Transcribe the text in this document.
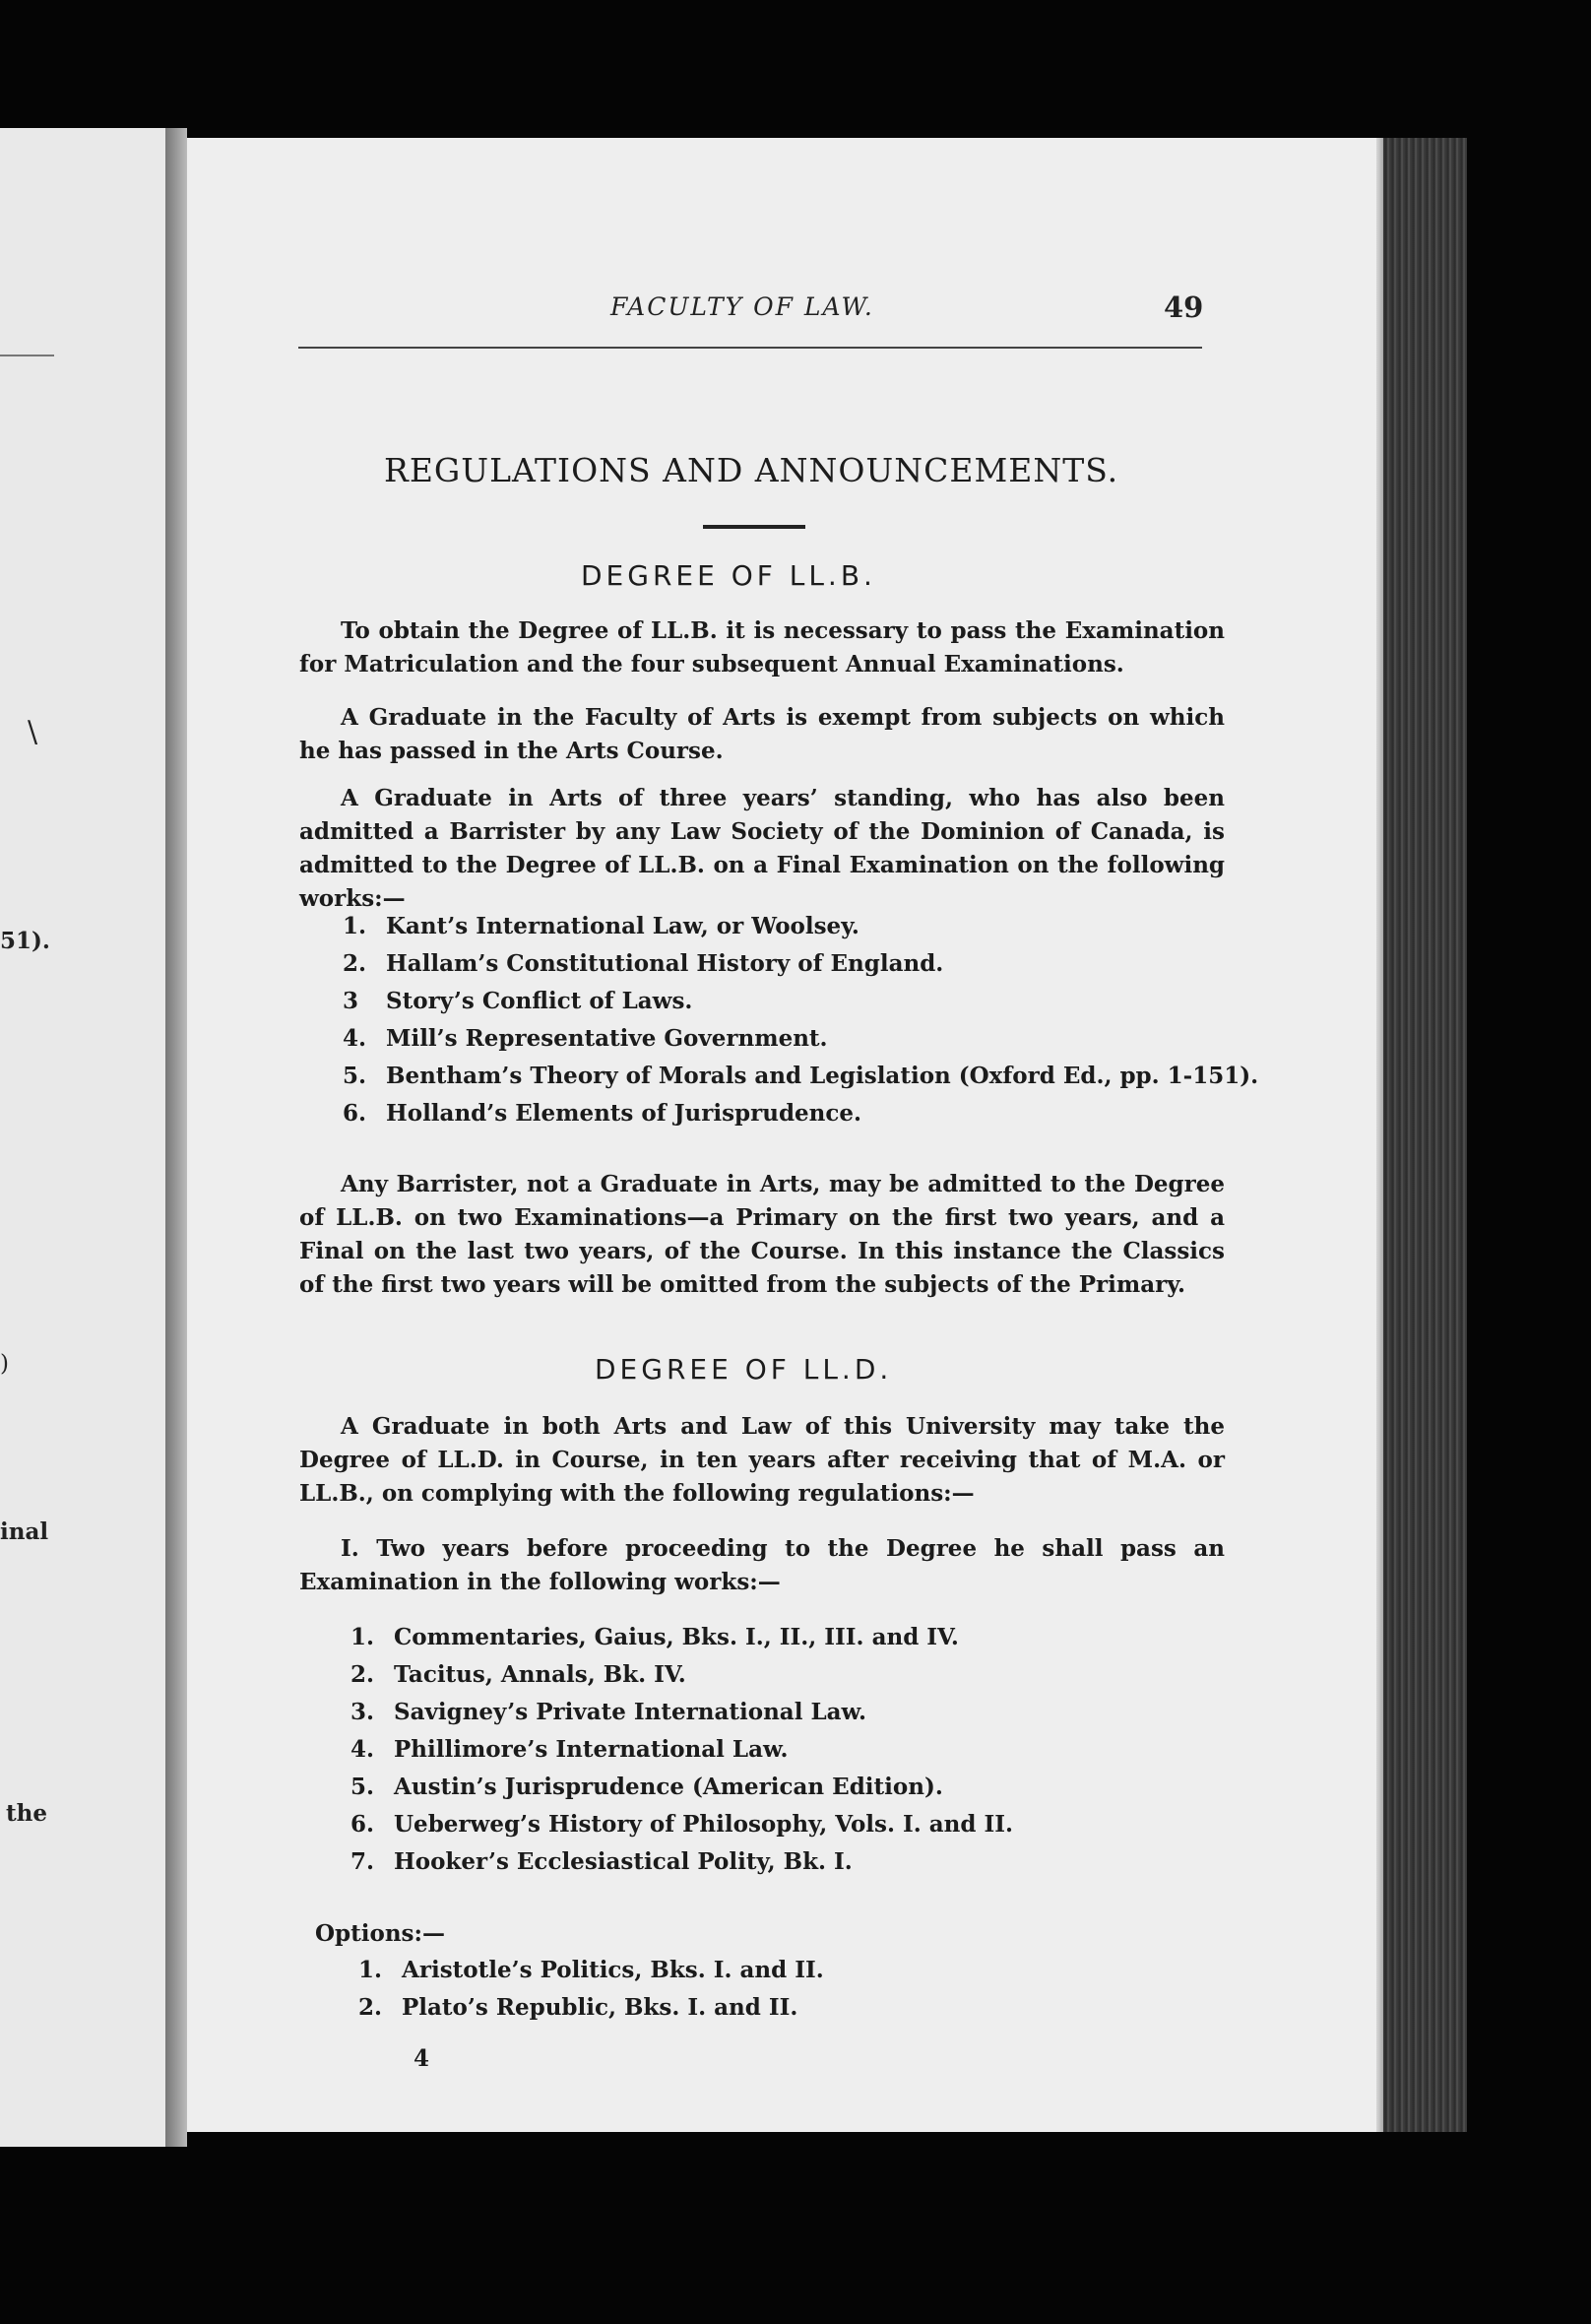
\
51).
)
inal
the
FACULTY OF LAW.	49
REGULATIONS AND ANNOUNCEMENTS.
DEGREE OF LL.B.

To obtain the Degree of LL.B. it is necessary to pass the Examination for Matriculation and the four subsequent Annual Examinations.

A Graduate in the Faculty of Arts is exempt from subjects on which he has passed in the Arts Course.

A Graduate in Arts of three years’ standing, who has also been admitted a Barrister by any Law Society of the Dominion of Canada, is admitted to the Degree of LL.B. on a Final Examination on the following works:—

1. Kant’s International Law, or Woolsey.
2. Hallam’s Constitutional History of England.
3 Story’s Conflict of Laws.
4. Mill’s Representative Government.
5. Bentham’s Theory of Morals and Legislation (Oxford Ed., pp. 1-151).
6. Holland’s Elements of Jurisprudence.

Any Barrister, not a Graduate in Arts, may be admitted to the Degree of LL.B. on two Examinations—a Primary on the first two years, and a Final on the last two years, of the Course. In this instance the Classics of the first two years will be omitted from the subjects of the Primary.

DEGREE OF LL.D.

A Graduate in both Arts and Law of this University may take the Degree of LL.D. in Course, in ten years after receiving that of M.A. or LL.B., on complying with the following regulations:—

I. Two years before proceeding to the Degree he shall pass an Examination in the following works:—

1. Commentaries, Gaius, Bks. I., II., III. and IV.
2. Tacitus, Annals, Bk. IV.
3. Savigney’s Private International Law.
4. Phillimore’s International Law.
5. Austin’s Jurisprudence (American Edition).
6. Ueberweg’s History of Philosophy, Vols. I. and II.
7. Hooker’s Ecclesiastical Polity, Bk. I.
Options:—
1. Aristotle’s Politics, Bks. I. and II.
2. Plato’s Republic, Bks. I. and II.
4
